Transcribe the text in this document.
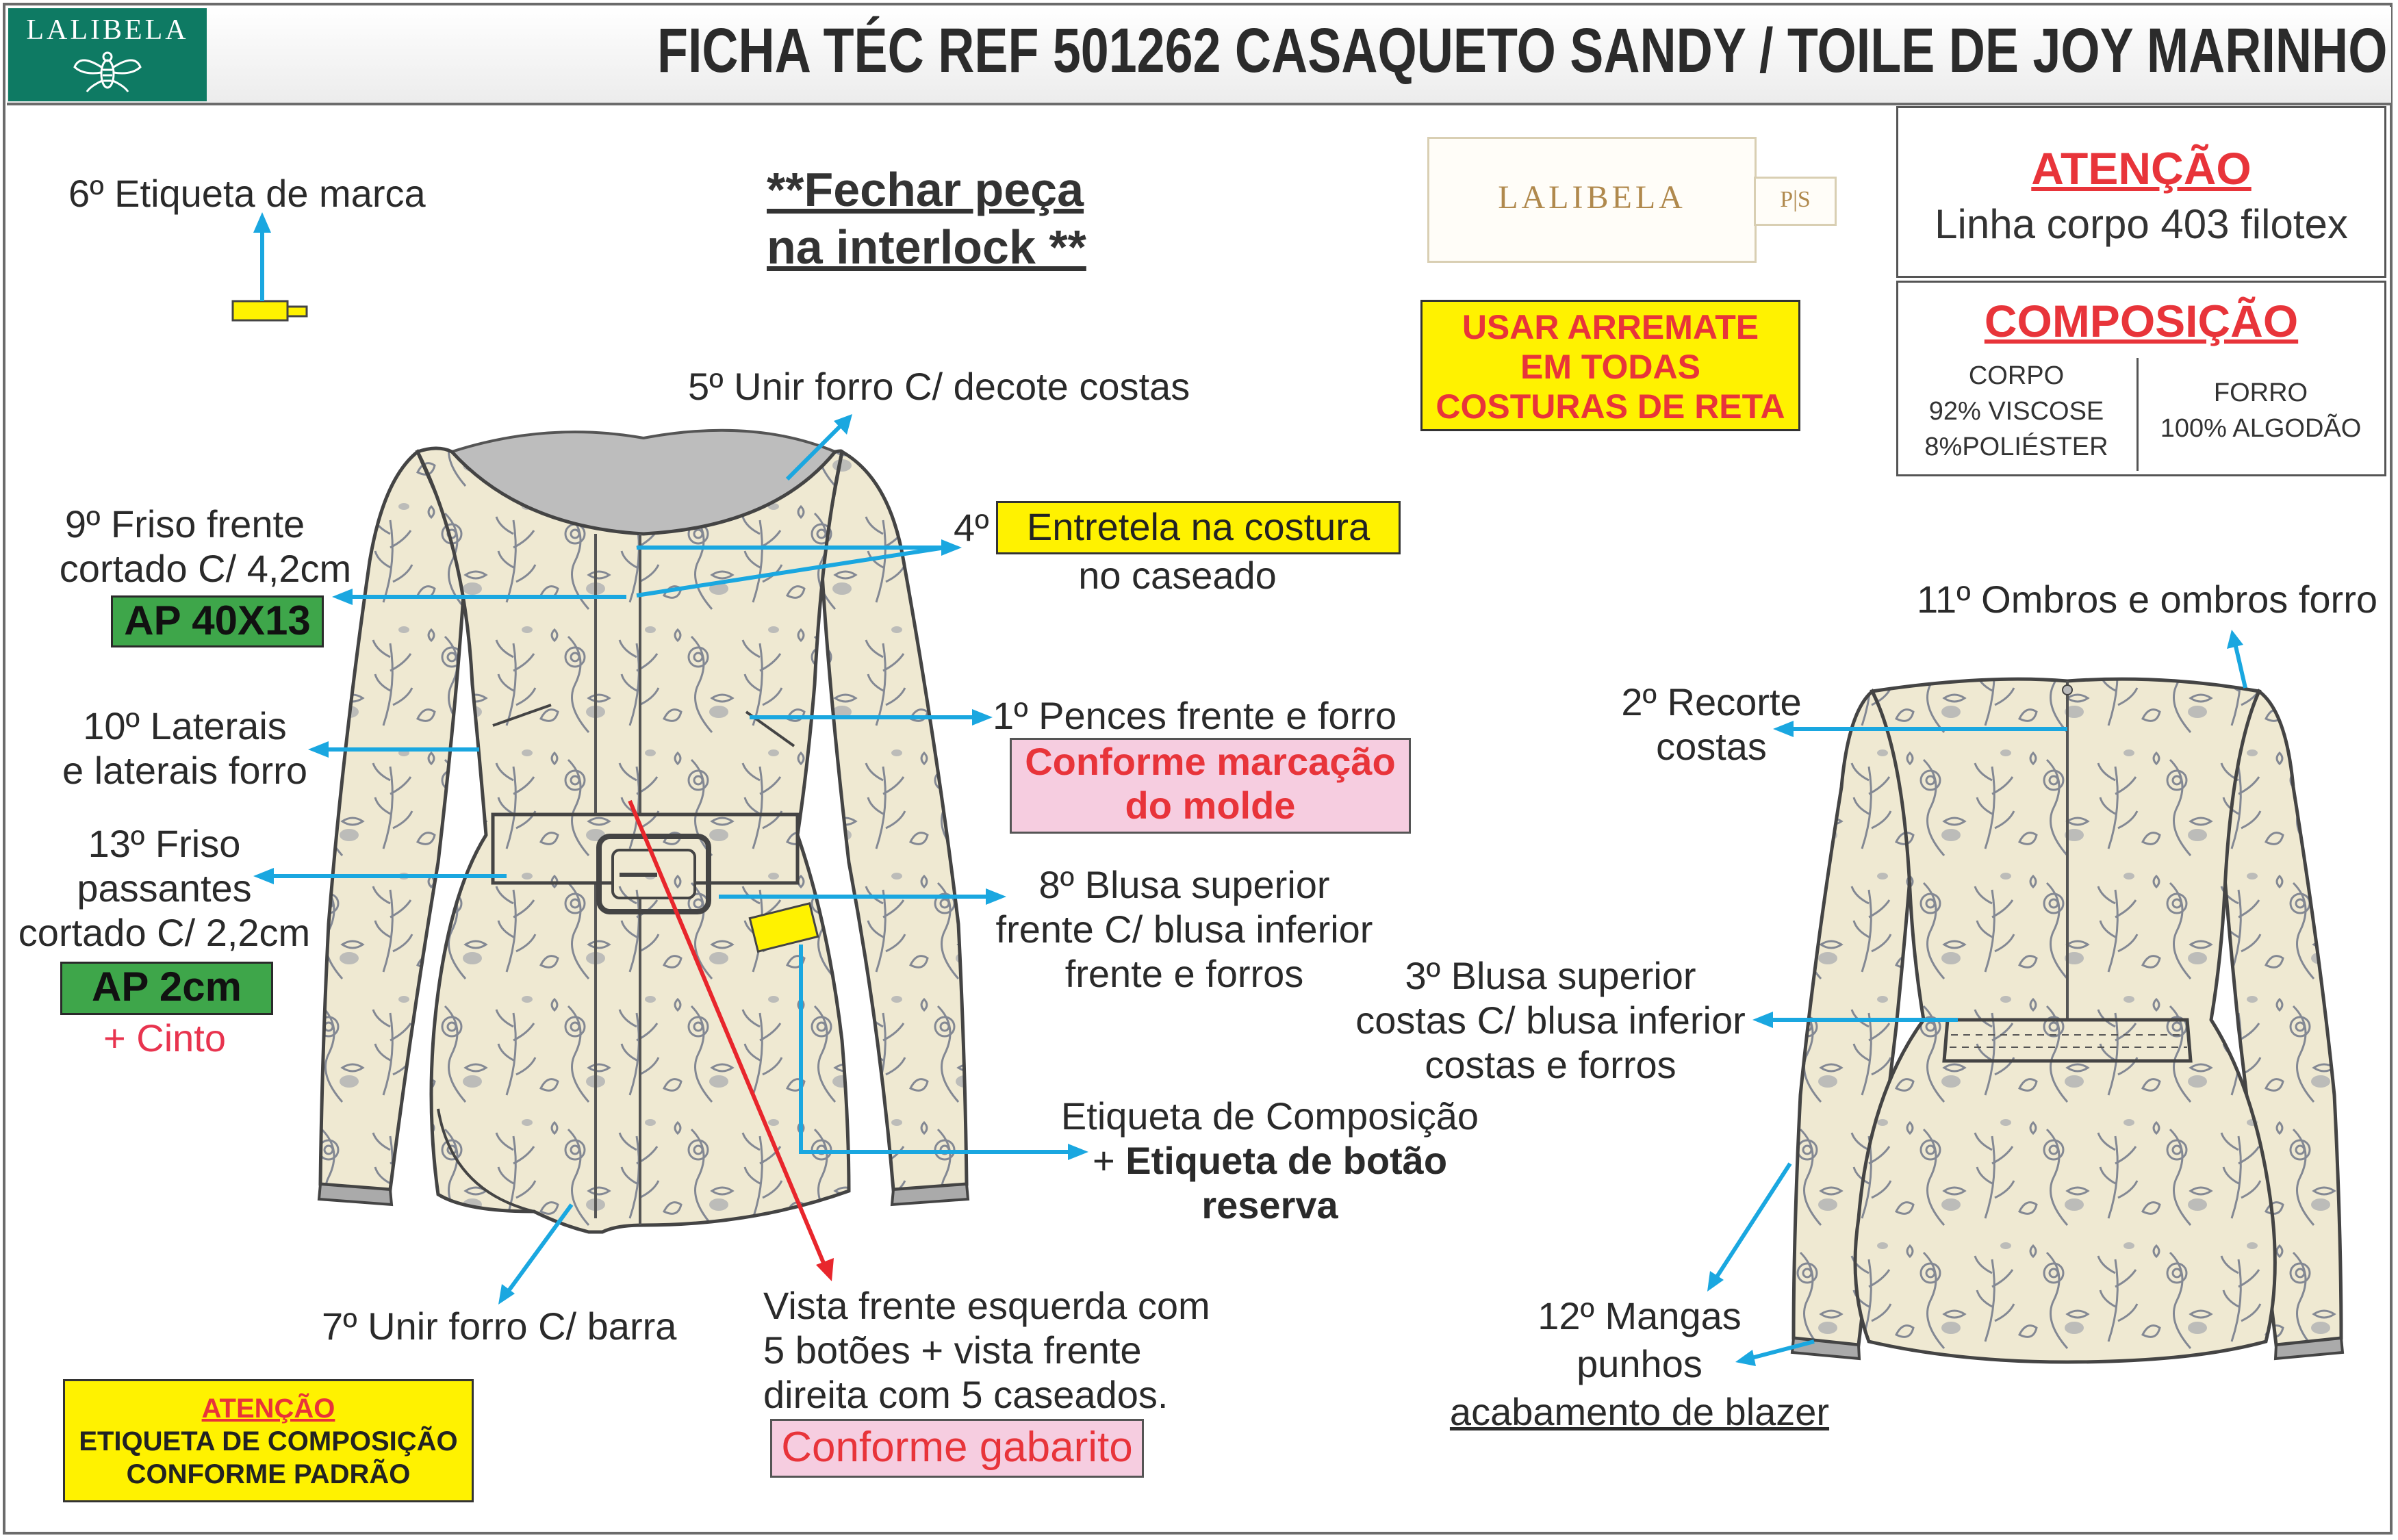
LALIBELA	FICHA TÉC REF 501262 CASAQUETO SANDY / TOILE DE JOY MARINHO
LALIBELA	P|S
**Fechar peça
na interlock **
USAR ARREMATE
EM TODAS
COSTURAS DE RETA
ATENÇÃO
Linha corpo 403 filotex
COMPOSIÇÃO
CORPO
92% VISCOSE
8%POLIÉSTER
FORRO
100% ALGODÃO
6º Etiqueta de marca
5º Unir forro C/ decote costas
9º Friso frente
cortado C/ 4,2cm
AP 40X13
4º Entretela na costura
no caseado
10º Laterais
e laterais forro
1º Pences frente e forro
Conforme marcação
do molde
13º Friso
passantes
cortado C/ 2,2cm
AP 2cm
+ Cinto
8º Blusa superior
frente C/ blusa inferior
frente e forros
Etiqueta de Composição
+ Etiqueta de botão
reserva
7º Unir forro C/ barra Vista frente esquerda com
5 botões + vista frente
direita com 5 caseados.
Conforme gabarito
11º Ombros e ombros forro
2º Recorte
costas
3º Blusa superior
costas C/ blusa inferior
costas e forros
12º Mangas
punhos
acabamento de blazer
ATENÇÃO
ETIQUETA DE COMPOSIÇÃO
CONFORME PADRÃO
